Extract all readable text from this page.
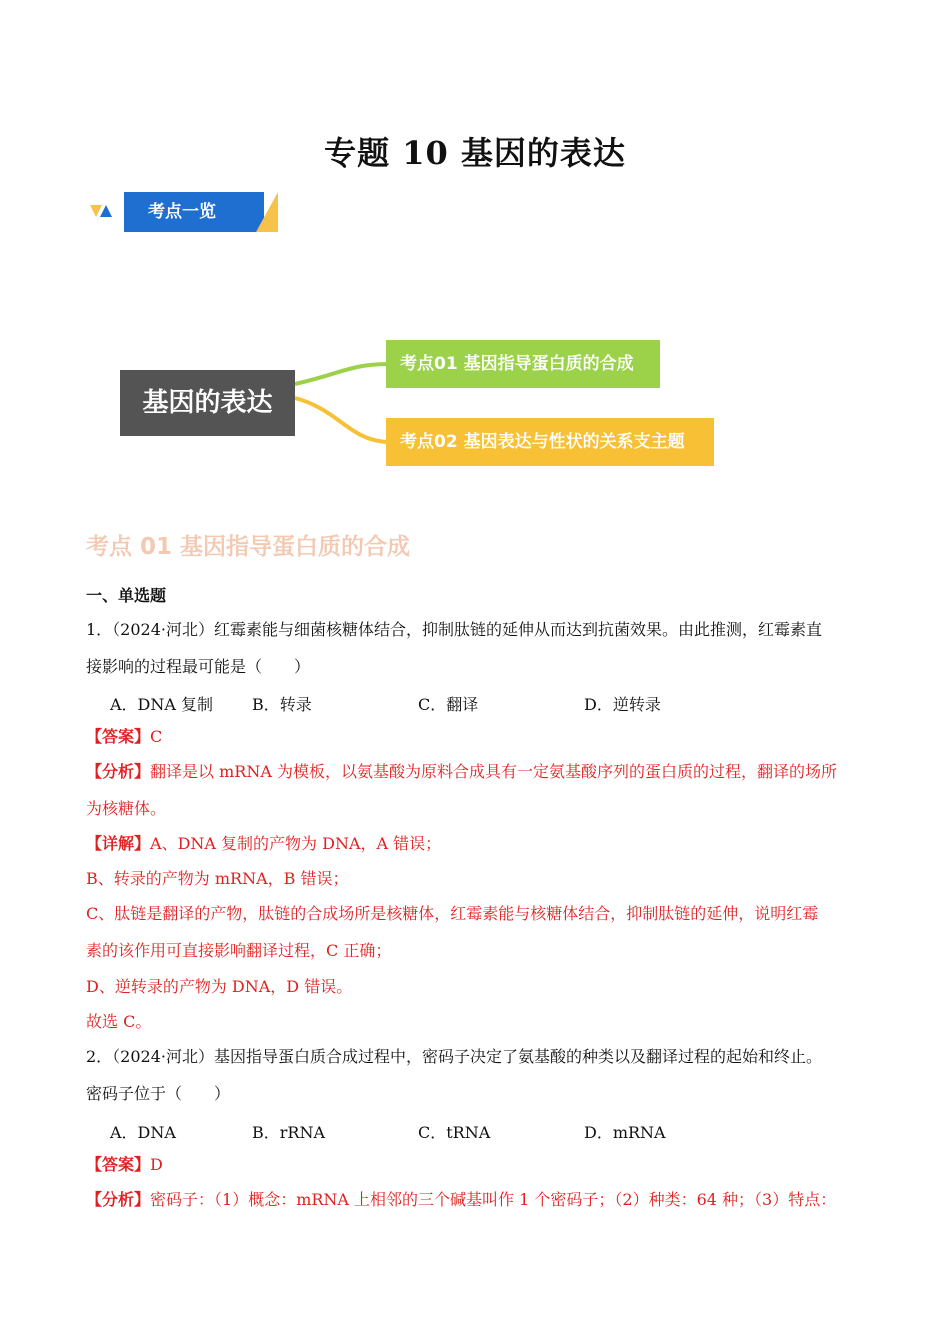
专题 10 基因的表达
考点一览
基因的表达
考点01 基因指导蛋白质的合成
考点02 基因表达与性状的关系支主题
考点 01 基因指导蛋白质的合成
一、单选题
1．（2024·河北）红霉素能与细菌核糖体结合，抑制肽链的延伸从而达到抗菌效果。由此推测，红霉素直
接影响的过程最可能是（　　）
A．DNA 复制 B．转录	C．翻译	D．逆转录
【答案】C
【分析】翻译是以 mRNA 为模板，以氨基酸为原料合成具有一定氨基酸序列的蛋白质的过程，翻译的场所
为核糖体。
【详解】A、DNA 复制的产物为 DNA，A 错误；
B、转录的产物为 mRNA，B 错误；
C、肽链是翻译的产物，肽链的合成场所是核糖体，红霉素能与核糖体结合，抑制肽链的延伸，说明红霉
素的该作用可直接影响翻译过程，C 正确；
D、逆转录的产物为 DNA，D 错误。
故选 C。
2．（2024·河北）基因指导蛋白质合成过程中，密码子决定了氨基酸的种类以及翻译过程的起始和终止。
密码子位于（　　）
A．DNA	B．rRNA	C．tRNA	D．mRNA
【答案】D
【分析】密码子：（1）概念：mRNA 上相邻的三个碱基叫作 1 个密码子；（2）种类：64 种；（3）特点：
